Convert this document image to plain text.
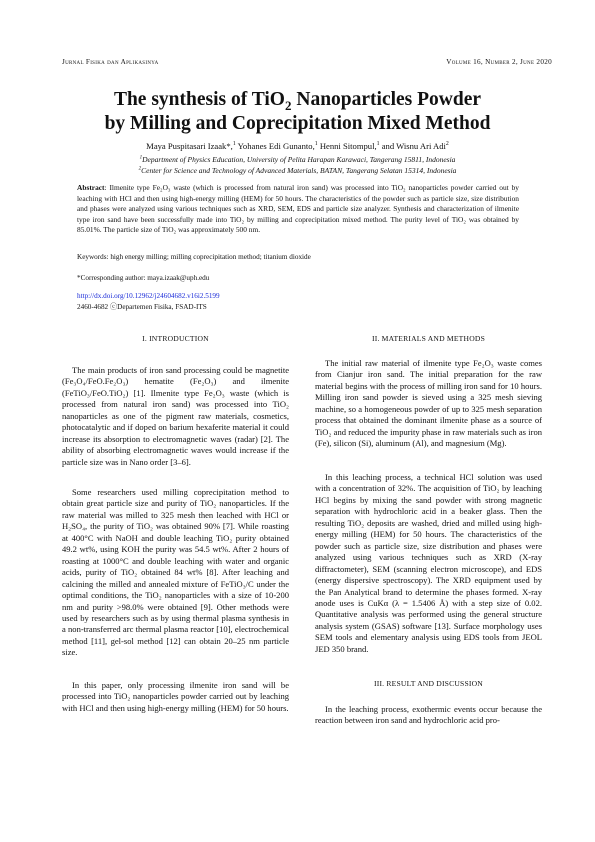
Jurnal Fisika dan Aplikasinya	Volume 16, Number 2, June 2020
The synthesis of TiO$_2$ Nanoparticles Powder
by Milling and Coprecipitation Mixed Method
Maya Puspitasari Izaak*,$^1$ Yohanes Edi Gunanto,$^1$ Henni Sitompul,$^1$ and Wisnu Ari Adi$^2$
$^1$Department of Physics Education, University of Pelita Harapan Karawaci, Tangerang 15811, Indonesia
$^2$Center for Science and Technology of Advanced Materials, BATAN, Tangerang Selatan 15314, Indonesia
Abstract: Ilmenite type Fe₂O₃ waste (which is processed from natural iron sand) was processed into TiO₂ nanoparticles powder carried out by leaching with HCl and then using high-energy milling (HEM) for 50 hours. The characteristics of the powder such as particle size, size distribution and phases were analyzed using various techniques such as XRD, SEM, EDS and particle size analyzer. Synthesis and characterization of ilmenite type iron sand have been successfully made into TiO₂ by milling and coprecipitation mixed method. The purity level of TiO₂ was obtained by 85.01%. The particle size of TiO₂ was approximately 500 nm.
Keywords: high energy milling; milling coprecipitation method; titanium dioxide
*Corresponding author: maya.izaak@uph.edu
http://dx.doi.org/10.12962/j24604682.v16i2.5199
2460-4682 ⓒDepartemen Fisika, FSAD-ITS
I. INTRODUCTION
The main products of iron sand processing could be magnetite (Fe₃O₄/FeO.Fe₂O₃) hematite (Fe₂O₃) and ilmenite (FeTiO₃/FeO.TiO₂) [1]. Ilmenite type Fe₂O₃ waste (which is processed from natural iron sand) was processed into TiO₂ nanoparticles as one of the pigment raw materials, cosmetics, photocatalytic and if doped on barium hexaferite material it could increase its absorption to electromagnetic waves (radar) [2]. The ability of absorbing electromagnetic waves would increase if the particle size was in Nano order [3–6].
Some researchers used milling coprecipitation method to obtain great particle size and purity of TiO₂ nanoparticles. If the raw material was milled to 325 mesh then leached with HCl or H₂SO₄, the purity of TiO₂ was obtained 90% [7]. While roasting at 400°C with NaOH and double leaching TiO₂ purity obtained 49.2 wt%, using KOH the purity was 54.5 wt%. After 2 hours of roasting at 1000°C and double leaching with water and organic acids, purity of TiO₂ obtained 84 wt% [8]. After leaching and calcining the milled and annealed mixture of FeTiO₃/C under the optimal conditions, the TiO₂ nanoparticles with a size of 10-200 nm and purity >98.0% were obtained [9]. Other methods were used by researchers such as by using thermal plasma synthesis in a non-transferred arc thermal plasma reactor [10], electrochemical method [11], gel-sol method [12] can obtain 20–25 nm particle size.
In this paper, only processing ilmenite iron sand will be processed into TiO₂ nanoparticles powder carried out by leaching with HCl and then using high-energy milling (HEM) for 50 hours.
II. MATERIALS AND METHODS
The initial raw material of ilmenite type Fe₂O₃ waste comes from Cianjur iron sand. The initial preparation for the raw material begins with the process of milling iron sand for 10 hours. Milling iron sand powder is sieved using a 325 mesh sieving machine, so a homogeneous powder of up to 325 mesh separation process that obtained the dominant ilmenite phase as a source of TiO₂ and reduced the impurity phase in raw materials such as iron (Fe), silicon (Si), aluminum (Al), and magnesium (Mg).
In this leaching process, a technical HCl solution was used with a concentration of 32%. The acquisition of TiO₂ by leaching HCl begins by mixing the sand powder with strong magnetic separation with hydrochloric acid in a beaker glass. Then the resulting TiO₂ deposits are washed, dried and milled using high-energy milling (HEM) for 50 hours. The characteristics of the powder such as particle size, size distribution and phases were analyzed using various techniques such as XRD (X-ray diffractometer), SEM (scanning electron microscope), and EDS (energy dispersive spectroscopy). The XRD equipment used by the Pan Analytical brand to determine the phases formed. X-ray anode uses is CuKα (λ = 1.5406 Å) with a step size of 0.02. Quantitative analysis was performed using the general structure analysis system (GSAS) software [13]. Surface morphology uses SEM tools and elementary analysis using EDS tools from JEOL JED 350 brand.
III. RESULT AND DISCUSSION
In the leaching process, exothermic events occur because the reaction between iron sand and hydrochloric acid pro-
